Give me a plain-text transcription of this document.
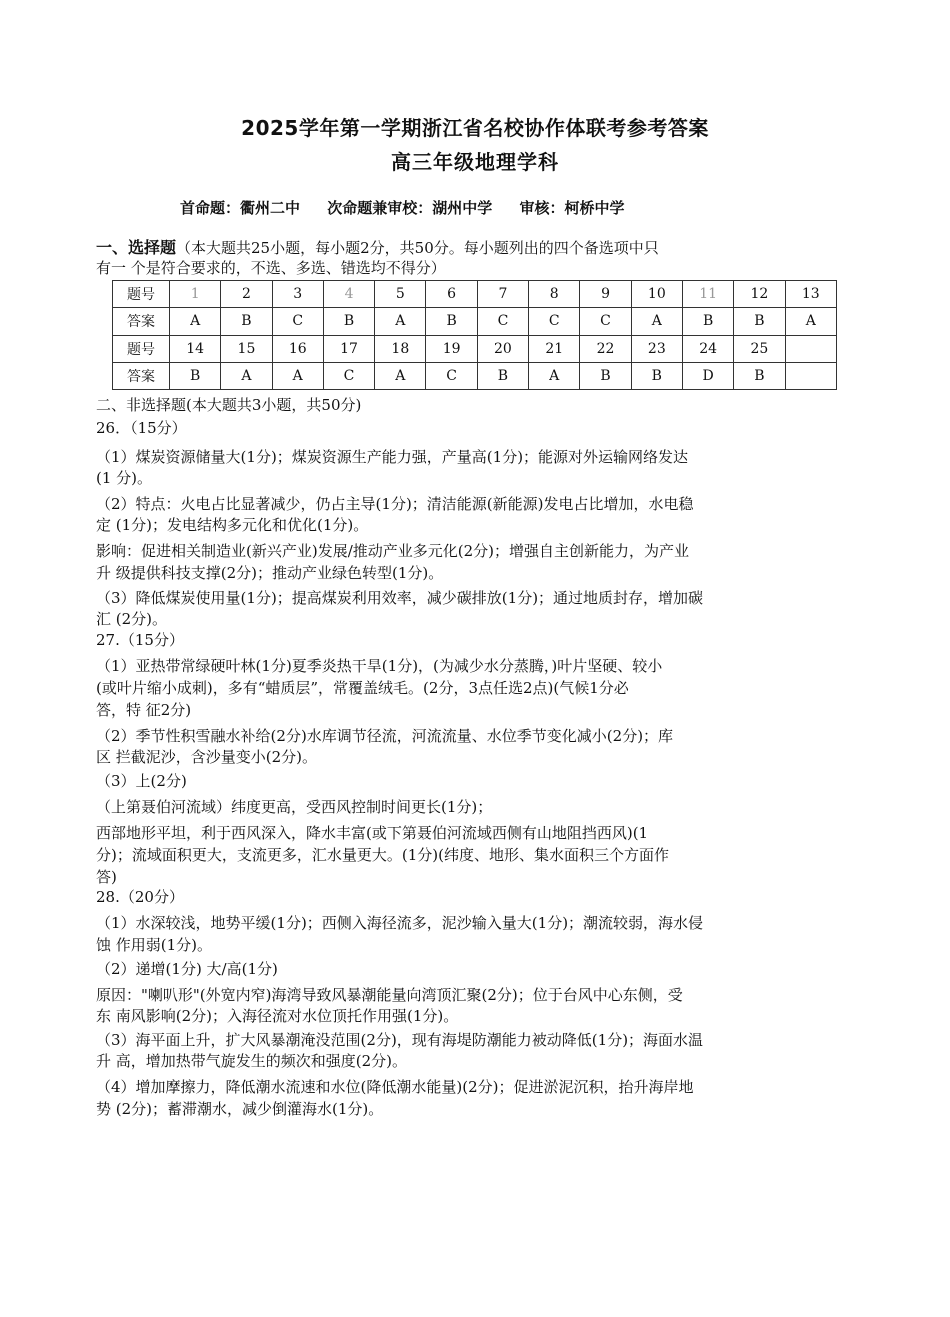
2025学年第一学期浙江省名校协作体联考参考答案
高三年级地理学科
首命题：衢州二中 次命题兼审校：湖州中学 审核：柯桥中学
一、选择题（本大题共25小题，每小题2分，共50分。每小题列出的四个备选项中只
有一 个是符合要求的，不选、多选、错选均不得分）
题号	1	2	3	4	5	6	7	8	9	10	11	12	13
答案	A	B	C	B	A	B	C	C	C	A	B	B	A
题号	14	15	16	17	18	19	20	21	22	23	24	25	
答案	B	A	A	C	A	C	B	A	B	B	D	B	
二、非选择题(本大题共3小题，共50分)
26．（15分）
（1）煤炭资源储量大(1分)；煤炭资源生产能力强，产量高(1分)；能源对外运输网络发达
(1 分)。
（2）特点：火电占比显著减少，仍占主导(1分)；清洁能源(新能源)发电占比增加，水电稳
定 (1分)；发电结构多元化和优化(1分)。
影响：促进相关制造业(新兴产业)发展/推动产业多元化(2分)；增强自主创新能力，为产业
升 级提供科技支撑(2分)；推动产业绿色转型(1分)。
（3）降低煤炭使用量(1分)；提高煤炭利用效率，减少碳排放(1分)；通过地质封存，增加碳
汇 (2分)。
27.（15分）
（1）亚热带常绿硬叶林(1分)夏季炎热干旱(1分)，(为减少水分蒸腾，)叶片坚硬、较小
(或叶片缩小成刺)，多有“蜡质层”，常覆盖绒毛。(2分，3点任选2点)(气候1分必
答，特 征2分)
（2）季节性积雪融水补给(2分)水库调节径流，河流流量、水位季节变化减小(2分)；库
区 拦截泥沙，含沙量变小(2分)。
（3）上(2分)
（上第聂伯河流域）纬度更高，受西风控制时间更长(1分)；
西部地形平坦，利于西风深入，降水丰富(或下第聂伯河流域西侧有山地阻挡西风)(1
分)；流域面积更大，支流更多，汇水量更大。(1分)(纬度、地形、集水面积三个方面作
答)
28.（20分）
（1）水深较浅，地势平缓(1分)；西侧入海径流多，泥沙输入量大(1分)；潮流较弱，海水侵
蚀 作用弱(1分)。
（2）递增(1分) 大/高(1分)
原因："喇叭形"(外宽内窄)海湾导致风暴潮能量向湾顶汇聚(2分)；位于台风中心东侧，受
东 南风影响(2分)；入海径流对水位顶托作用强(1分)。
（3）海平面上升，扩大风暴潮淹没范围(2分)，现有海堤防潮能力被动降低(1分)；海面水温
升 高，增加热带气旋发生的频次和强度(2分)。
（4）增加摩擦力，降低潮水流速和水位(降低潮水能量)(2分)；促进淤泥沉积，抬升海岸地
势 (2分)；蓄滞潮水，减少倒灌海水(1分)。
